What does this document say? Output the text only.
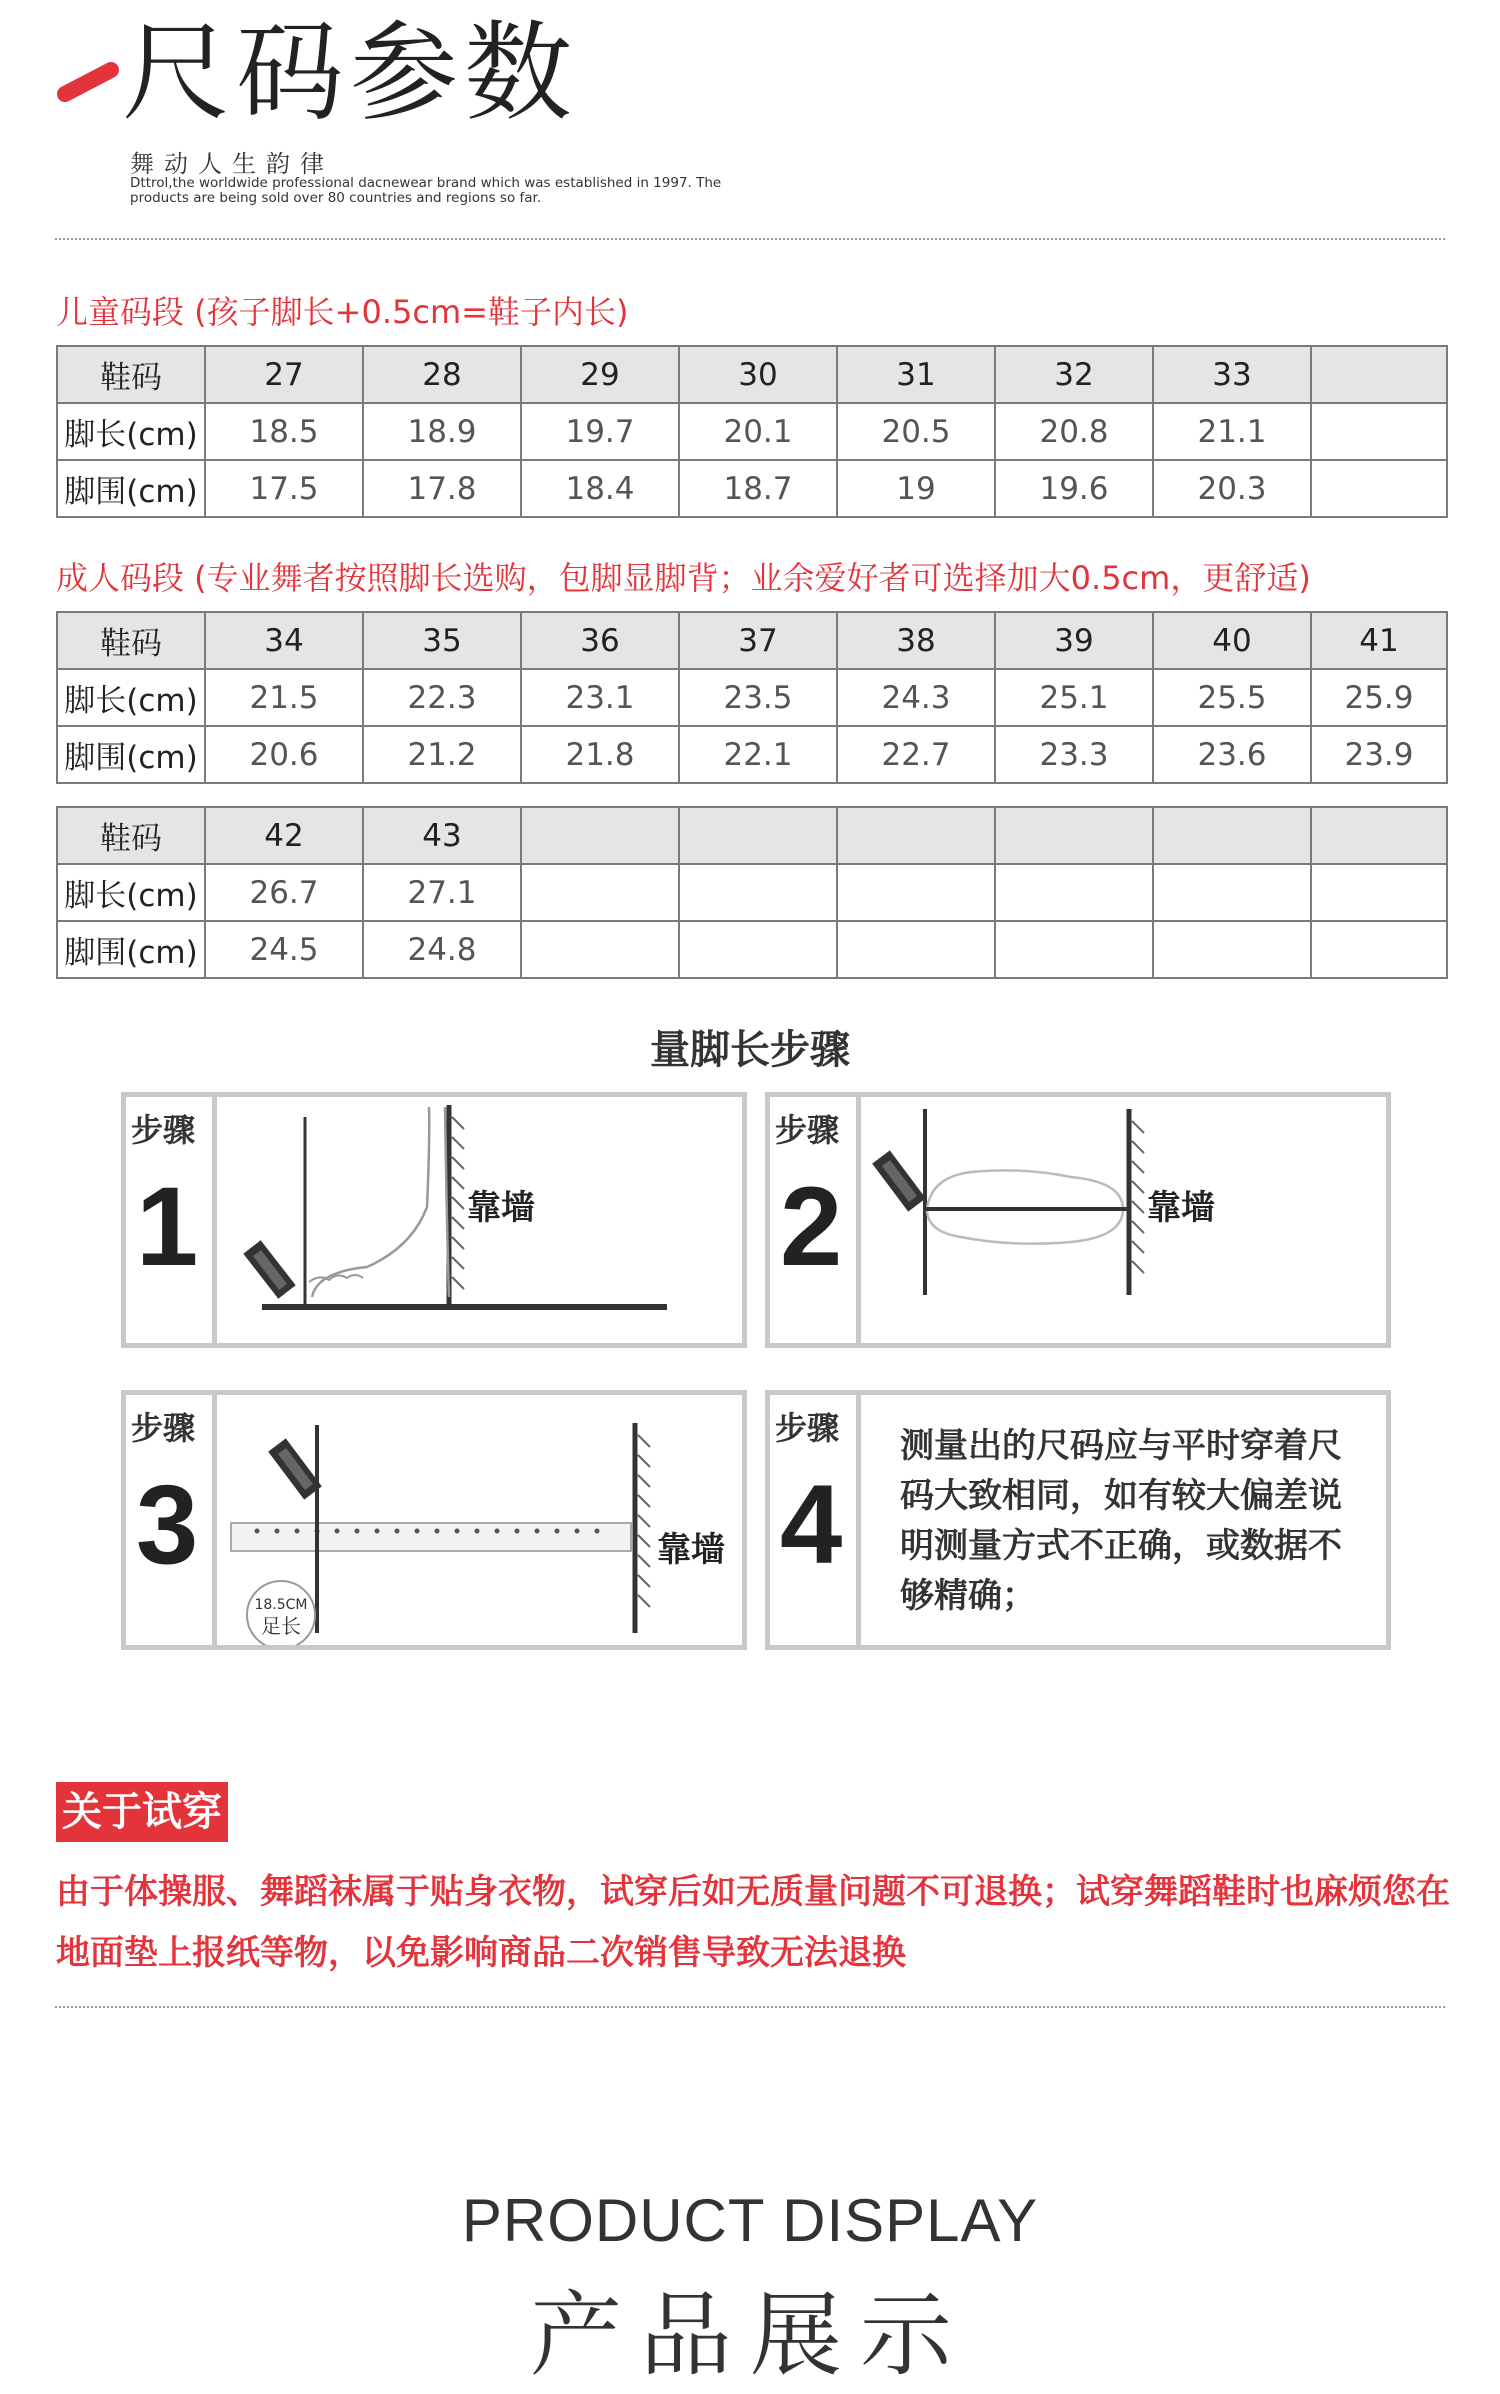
尺码参数
舞动人生韵律
Dttrol,the worldwide professional dacnewear brand which was established in 1997. The products are being sold over 80 countries and regions so far.
儿童码段 (孩子脚长+0.5cm=鞋子内长)
鞋码	27	28	29	30	31	32	33	
脚长(cm)	18.5	18.9	19.7	20.1	20.5	20.8	21.1	
脚围(cm)	17.5	17.8	18.4	18.7	19	19.6	20.3	
成人码段 (专业舞者按照脚长选购，包脚显脚背；业余爱好者可选择加大0.5cm，更舒适)
鞋码	34	35	36	37	38	39	40	41
脚长(cm)	21.5	22.3	23.1	23.5	24.3	25.1	25.5	25.9
脚围(cm)	20.6	21.2	21.8	22.1	22.7	23.3	23.6	23.9
鞋码	42	43						
脚长(cm)	26.7	27.1						
脚围(cm)	24.5	24.8						
量脚长步骤
步骤
1	靠墙
步骤
2	靠墙
步骤
3
18.5CM
足长
靠墙
步骤
4
测量出的尺码应与平时穿着尺码大致相同，如有较大偏差说明测量方式不正确，或数据不够精确；
关于试穿
由于体操服、舞蹈袜属于贴身衣物，试穿后如无质量问题不可退换；试穿舞蹈鞋时也麻烦您在地面垫上报纸等物，以免影响商品二次销售导致无法退换
PRODUCT DISPLAY
产品展示
